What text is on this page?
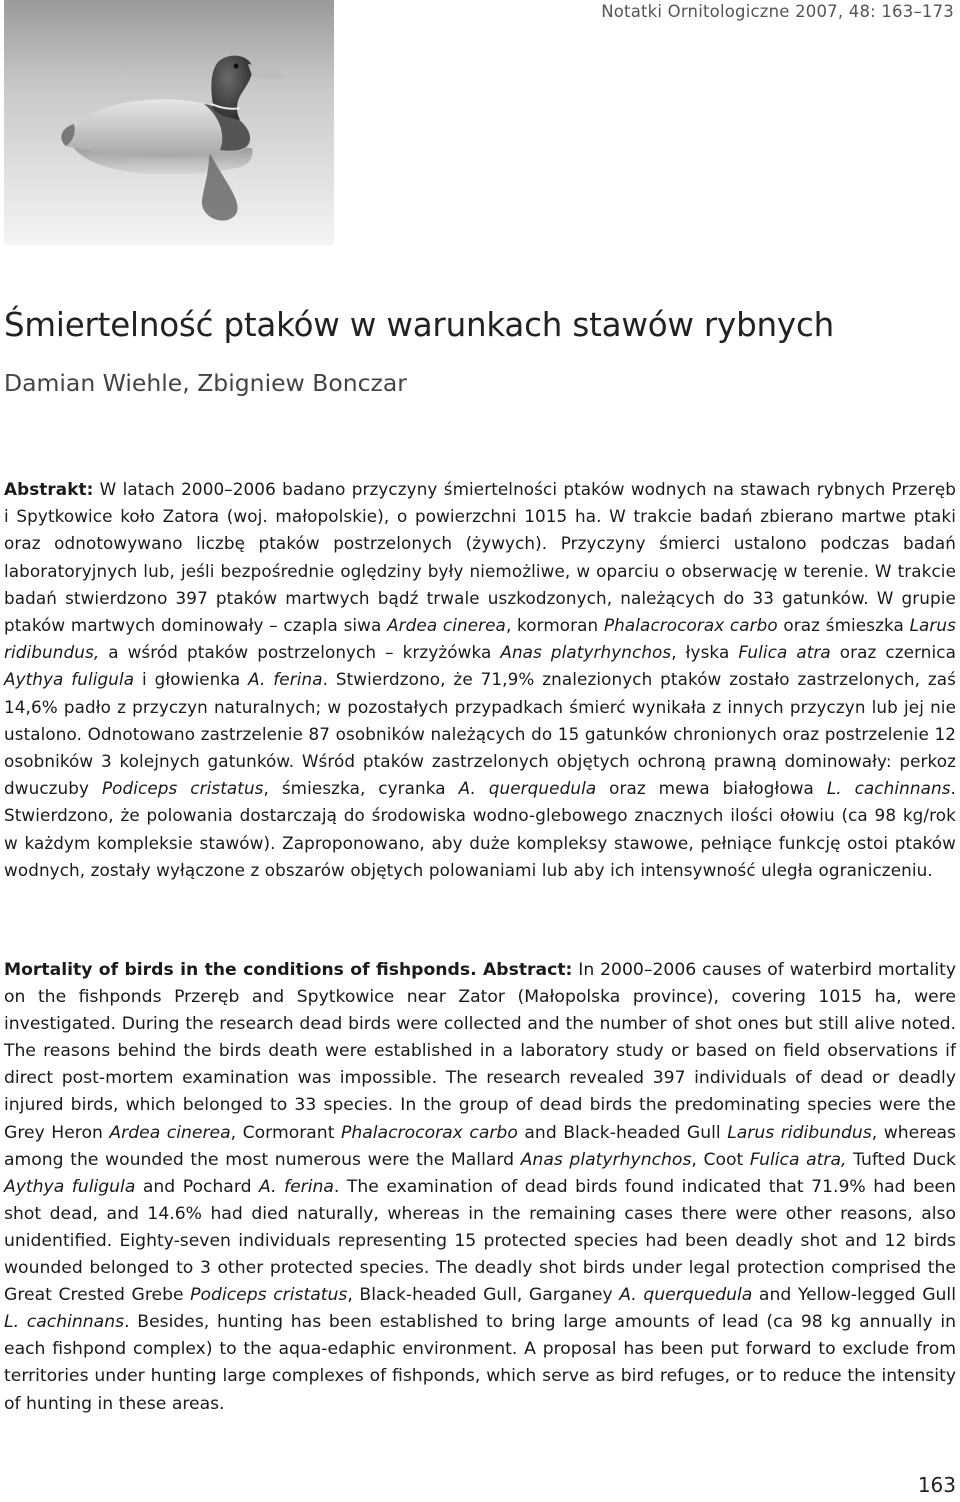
Notatki Ornitologiczne 2007, 48: 163–173
Śmiertelność ptaków w warunkach stawów rybnych
Damian Wiehle, Zbigniew Bonczar

Abstrakt: W latach 2000–2006 badano przyczyny śmiertelności ptaków wodnych na stawach rybnych Przeręb i Spytkowice koło Zatora (woj. małopolskie), o powierzchni 1015 ha. W trakcie badań zbierano martwe ptaki oraz odnotowywano liczbę ptaków postrzelonych (żywych). Przyczyny śmierci ustalono podczas badań laboratoryjnych lub, jeśli bezpośrednie oględziny były niemożliwe, w oparciu o obserwację w terenie. W trakcie badań stwierdzono 397 ptaków martwych bądź trwale uszkodzonych, należących do 33 gatunków. W grupie ptaków martwych dominowały – czapla siwa Ardea cinerea, kormoran Phalacrocorax carbo oraz śmieszka Larus ridibundus, a wśród ptaków postrzelonych – krzyżówka Anas platyrhynchos, łyska Fulica atra oraz czernica Aythya fuligula i głowienka A. ferina. Stwierdzono, że 71,9% znalezionych ptaków zostało zastrzelonych, zaś 14,6% padło z przyczyn naturalnych; w pozostałych przypadkach śmierć wynikała z innych przyczyn lub jej nie ustalono. Odnotowano zastrzelenie 87 osobników należących do 15 gatunków chronionych oraz postrzelenie 12 osobników 3 kolejnych gatunków. Wśród ptaków zastrzelonych objętych ochroną prawną dominowały: perkoz dwuczuby Podiceps cristatus, śmieszka, cyranka A. querquedula oraz mewa białogłowa L. cachinnans. Stwierdzono, że polowania dostarczają do środowiska wodno-glebowego znacznych ilości ołowiu (ca 98 kg/rok w każdym kompleksie stawów). Zaproponowano, aby duże kompleksy stawowe, pełniące funkcję ostoi ptaków wodnych, zostały wyłączone z obszarów objętych polowaniami lub aby ich intensywność uległa ograniczeniu.

Mortality of birds in the conditions of fishponds. Abstract: In 2000–2006 causes of waterbird mortality on the fishponds Przeręb and Spytkowice near Zator (Małopolska province), covering 1015 ha, were investigated. During the research dead birds were collected and the number of shot ones but still alive noted. The reasons behind the birds death were established in a laboratory study or based on field observations if direct post-mortem examination was impossible. The research revealed 397 individuals of dead or deadly injured birds, which belonged to 33 species. In the group of dead birds the predominating species were the Grey Heron Ardea cinerea, Cormorant Phalacrocorax carbo and Black-headed Gull Larus ridibundus, whereas among the wounded the most numerous were the Mallard Anas platyrhynchos, Coot Fulica atra, Tufted Duck Aythya fuligula and Pochard A. ferina. The examination of dead birds found indicated that 71.9% had been shot dead, and 14.6% had died naturally, whereas in the remaining cases there were other reasons, also unidentified. Eighty-seven individuals representing 15 protected species had been deadly shot and 12 birds wounded belonged to 3 other protected species. The deadly shot birds under legal protection comprised the Great Crested Grebe Podiceps cristatus, Black-headed Gull, Garganey A. querquedula and Yellow-legged Gull L. cachinnans. Besides, hunting has been established to bring large amounts of lead (ca 98 kg annually in each fishpond complex) to the aqua-edaphic environment. A proposal has been put forward to exclude from territories under hunting large complexes of fishponds, which serve as bird refuges, or to reduce the intensity of hunting in these areas.

163
